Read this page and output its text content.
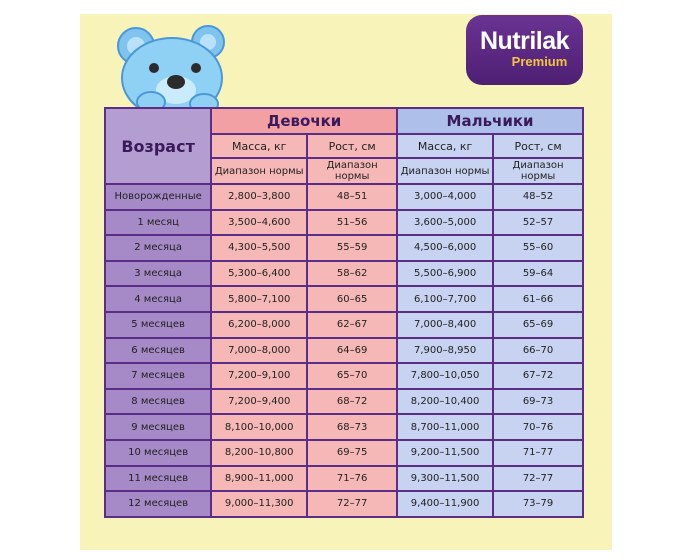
Nutrilak
Premium
Возраст	Девочки		Мальчики	
	Масса, кг	Рост, см	Масса, кг	Рост, см
	Диапазон нормы	Диапазон нормы	Диапазон нормы	Диапазон нормы
Новорожденные	2,800–3,800	48–51	3,000–4,000	48–52
1 месяц	3,500–4,600	51–56	3,600–5,000	52–57
2 месяца	4,300–5,500	55–59	4,500–6,000	55–60
3 месяца	5,300–6,400	58–62	5,500–6,900	59–64
4 месяца	5,800–7,100	60–65	6,100–7,700	61–66
5 месяцев	6,200–8,000	62–67	7,000–8,400	65–69
6 месяцев	7,000–8,000	64–69	7,900–8,950	66–70
7 месяцев	7,200–9,100	65–70	7,800–10,050	67–72
8 месяцев	7,200–9,400	68–72	8,200–10,400	69–73
9 месяцев	8,100–10,000	68–73	8,700–11,000	70–76
10 месяцев	8,200–10,800	69–75	9,200–11,500	71–77
11 месяцев	8,900–11,000	71–76	9,300–11,500	72–77
12 месяцев	9,000–11,300	72–77	9,400–11,900	73–79
